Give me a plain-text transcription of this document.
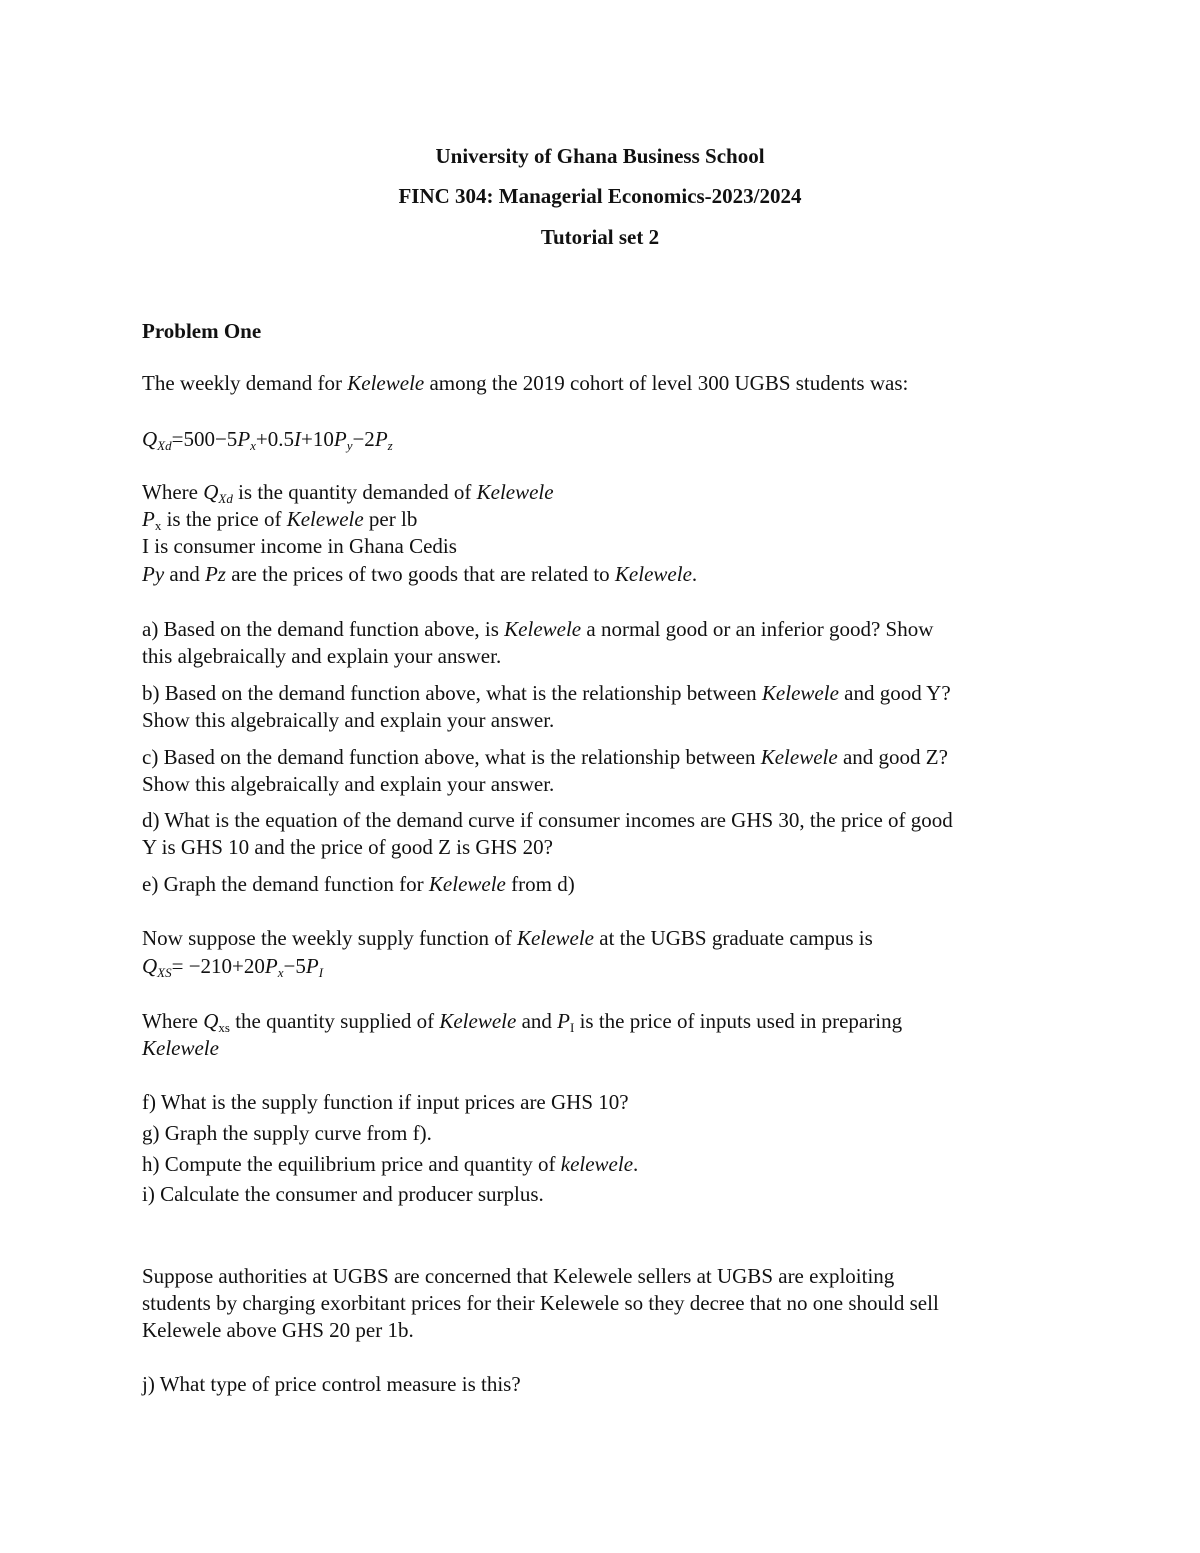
University of Ghana Business School
FINC 304: Managerial Economics-2023/2024
Tutorial set 2
Problem One
The weekly demand for Kelewele among the 2019 cohort of level 300 UGBS students was:
$Q_{Xd}=500-5P_x+0.5I+10P_y-2P_z$
Where $Q_{Xd}$ is the quantity demanded of Kelewele
$P_x$ is the price of Kelewele per lb
I is consumer income in Ghana Cedis
Py and Pz are the prices of two goods that are related to Kelewele.
a) Based on the demand function above, is Kelewele a normal good or an inferior good? Show
this algebraically and explain your answer.
b) Based on the demand function above, what is the relationship between Kelewele and good Y?
Show this algebraically and explain your answer.
c) Based on the demand function above, what is the relationship between Kelewele and good Z?
Show this algebraically and explain your answer.
d) What is the equation of the demand curve if consumer incomes are GHS 30, the price of good
Y is GHS 10 and the price of good Z is GHS 20?
e) Graph the demand function for Kelewele from d)
Now suppose the weekly supply function of Kelewele at the UGBS graduate campus is
$Q_{XS}= -210+20P_x-5P_I$
Where $Q_{xs}$ the quantity supplied of Kelewele and $P_I$ is the price of inputs used in preparing
Kelewele
f) What is the supply function if input prices are GHS 10?
g) Graph the supply curve from f).
h) Compute the equilibrium price and quantity of kelewele.
i) Calculate the consumer and producer surplus.
Suppose authorities at UGBS are concerned that Kelewele sellers at UGBS are exploiting
students by charging exorbitant prices for their Kelewele so they decree that no one should sell
Kelewele above GHS 20 per 1b.
j) What type of price control measure is this?
